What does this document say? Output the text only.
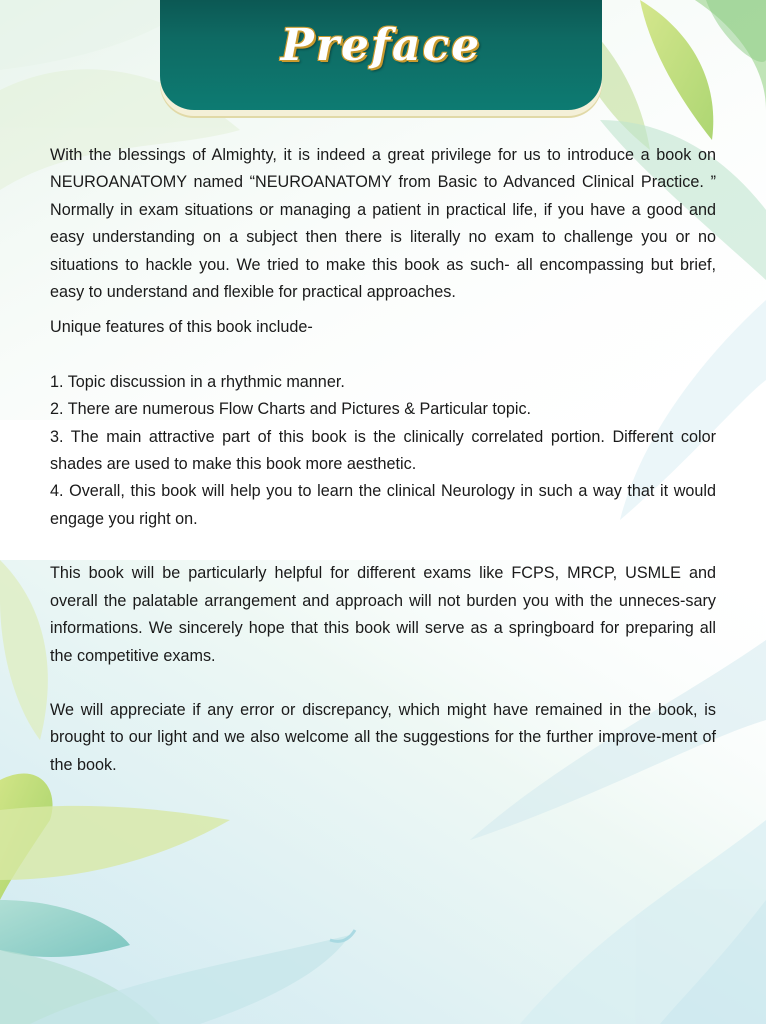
Preface

With the blessings of Almighty, it is indeed a great privilege for us to introduce a book on NEUROANATOMY named “NEUROANATOMY from Basic to Advanced Clinical Practice. ” Normally in exam situations or managing a patient in practical life, if you have a good and easy understanding on a subject then there is literally no exam to challenge you or no situations to hackle you. We tried to make this book as such- all encompassing but brief, easy to understand and flexible for practical approaches.

Unique features of this book include-

1. Topic discussion in a rhythmic manner.

2. There are numerous Flow Charts and Pictures & Particular topic.

3. The main attractive part of this book is the clinically correlated portion. Different color shades are used to make this book more aesthetic.

4. Overall, this book will help you to learn the clinical Neurology in such a way that it would engage you right on.

This book will be particularly helpful for different exams like FCPS, MRCP, USMLE and overall the palatable arrangement and approach will not burden you with the unneces-sary informations. We sincerely hope that this book will serve as a springboard for preparing all the competitive exams.

We will appreciate if any error or discrepancy, which might have remained in the book, is brought to our light and we also welcome all the suggestions for the further improve-ment of the book.
